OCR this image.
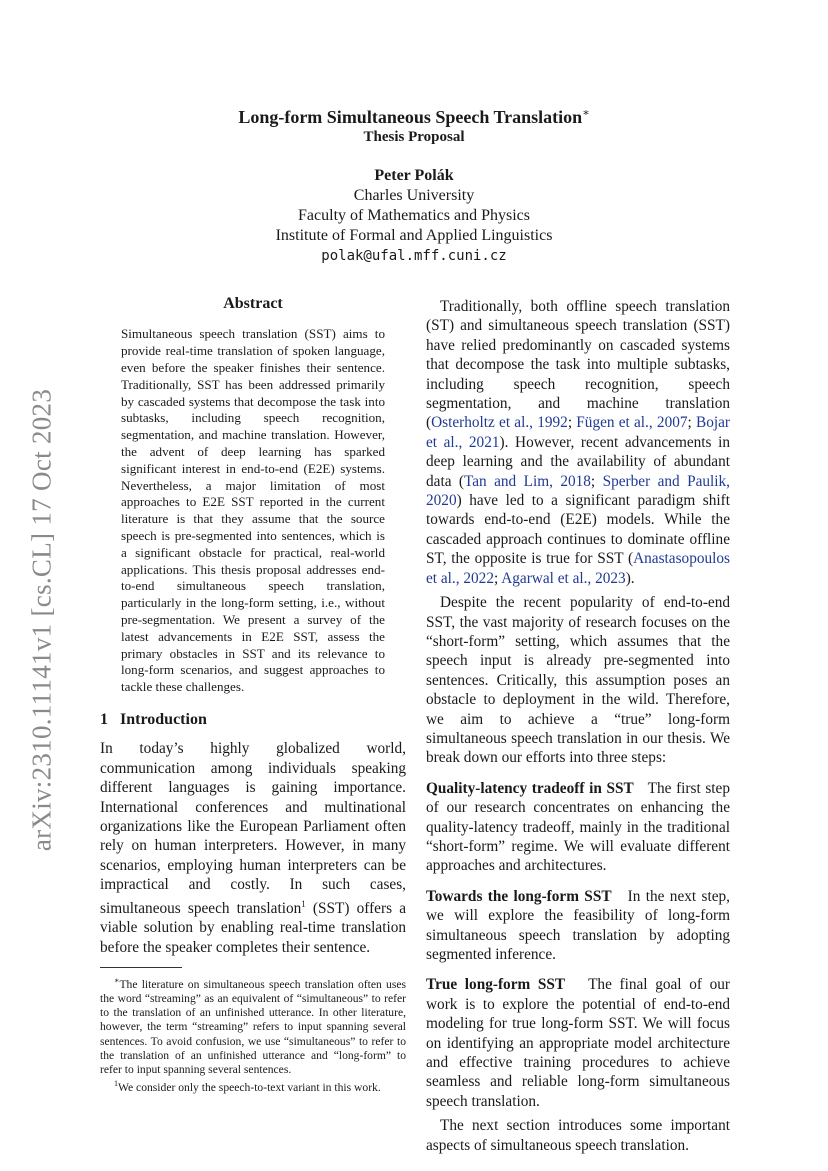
arXiv:2310.11141v1 [cs.CL] 17 Oct 2023
Long-form Simultaneous Speech Translation∗
Thesis Proposal
Peter Polák
Charles University
Faculty of Mathematics and Physics
Institute of Formal and Applied Linguistics
polak@ufal.mff.cuni.cz

Abstract

Simultaneous speech translation (SST) aims to provide real-time translation of spoken language, even before the speaker finishes their sentence. Traditionally, SST has been addressed primarily by cascaded systems that decompose the task into subtasks, including speech recognition, segmentation, and machine translation. However, the advent of deep learning has sparked significant interest in end-to-end (E2E) systems. Nevertheless, a major limitation of most approaches to E2E SST reported in the current literature is that they assume that the source speech is pre-segmented into sentences, which is a significant obstacle for practical, real-world applications. This thesis proposal addresses end-to-end simultaneous speech translation, particularly in the long-form setting, i.e., without pre-segmentation. We present a survey of the latest advancements in E2E SST, assess the primary obstacles in SST and its relevance to long-form scenarios, and suggest approaches to tackle these challenges.

1 Introduction

In today’s highly globalized world, communication among individuals speaking different languages is gaining importance. International conferences and multinational organizations like the European Parliament often rely on human interpreters. However, in many scenarios, employing human interpreters can be impractical and costly. In such cases, simultaneous speech translation$^1$ (SST) offers a viable solution by enabling real-time translation before the speaker completes their sentence.

∗The literature on simultaneous speech translation often uses the word “streaming” as an equivalent of “simultaneous” to refer to the translation of an unfinished utterance. In other literature, however, the term “streaming” refers to input spanning several sentences. To avoid confusion, we use “simultaneous” to refer to the translation of an unfinished utterance and “long-form” to refer to input spanning several sentences.

$^1$We consider only the speech-to-text variant in this work.

Traditionally, both offline speech translation (ST) and simultaneous speech translation (SST) have relied predominantly on cascaded systems that decompose the task into multiple subtasks, including speech recognition, speech segmentation, and machine translation (Osterholtz et al., 1992; Fügen et al., 2007; Bojar et al., 2021). However, recent advancements in deep learning and the availability of abundant data (Tan and Lim, 2018; Sperber and Paulik, 2020) have led to a significant paradigm shift towards end-to-end (E2E) models. While the cascaded approach continues to dominate offline ST, the opposite is true for SST (Anastasopoulos et al., 2022; Agarwal et al., 2023).

Despite the recent popularity of end-to-end SST, the vast majority of research focuses on the “short-form” setting, which assumes that the speech input is already pre-segmented into sentences. Critically, this assumption poses an obstacle to deployment in the wild. Therefore, we aim to achieve a “true” long-form simultaneous speech translation in our thesis. We break down our efforts into three steps:

Quality-latency tradeoff in SST The first step of our research concentrates on enhancing the quality-latency tradeoff, mainly in the traditional “short-form” regime. We will evaluate different approaches and architectures.

Towards the long-form SST In the next step, we will explore the feasibility of long-form simultaneous speech translation by adopting segmented inference.

True long-form SST The final goal of our work is to explore the potential of end-to-end modeling for true long-form SST. We will focus on identifying an appropriate model architecture and effective training procedures to achieve seamless and reliable long-form simultaneous speech translation.

The next section introduces some important aspects of simultaneous speech translation.
